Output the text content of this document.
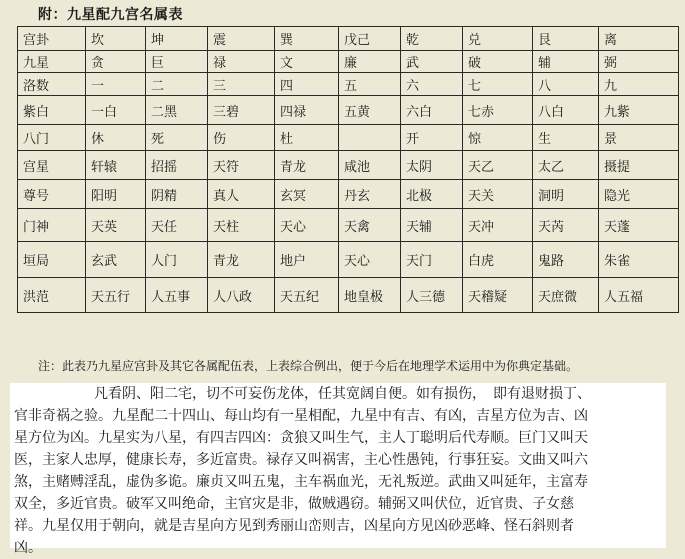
附：九星配九宫名属表
宫卦	坎	坤	震	巽	戊己	乾	兑	艮	离
九星	贪	巨	禄	文	廉	武	破	辅	弼
洛数	一	二	三	四	五	六	七	八	九
紫白	一白	二黑	三碧	四禄	五黄	六白	七赤	八白	九紫
八门	休	死	伤	杜		开	惊	生	景
宫星	轩辕	招摇	天符	青龙	咸池	太阴	天乙	太乙	摄提
尊号	阳明	阴精	真人	玄冥	丹玄	北极	天关	洞明	隐光
门神	天英	天任	天柱	天心	天禽	天辅	天冲	天芮	天蓬
垣局	玄武	人门	青龙	地户	天心	天门	白虎	鬼路	朱雀
洪范	天五行	人五事	人八政	天五纪	地皇极	人三德	天稽疑	天庶微	人五福
注：此表乃九星应宫卦及其它各属配伍表，上表综合例出，便于今后在地理学术运用中为你典定基础。
凡看阴、阳二宅，切不可妄伤龙体，任其宽阔自便。如有损伤，　即有退财损丁、
官非奇祸之验。九星配二十四山、每山均有一星相配，九星中有吉、有凶，吉星方位为吉、凶
星方位为凶。九星实为八星，有四吉四凶：贪狼又叫生气，主人丁聪明后代寿顺。巨门又叫天
医，主家人忠厚，健康长寿，多近富贵。禄存又叫祸害，主心性愚钝，行事狂妄。文曲又叫六
煞，主赌赙淫乱，虚伪多诡。廉贞又叫五鬼，主车祸血光，无礼叛逆。武曲又叫延年，主富寿
双全，多近官贵。破军又叫绝命，主官灾是非，做贼遇窃。辅弼又叫伏位，近官贵、子女慈
祥。九星仅用于朝向，就是吉星向方见到秀丽山峦则吉，凶星向方见凶砂恶峰、怪石斜则者
凶。
